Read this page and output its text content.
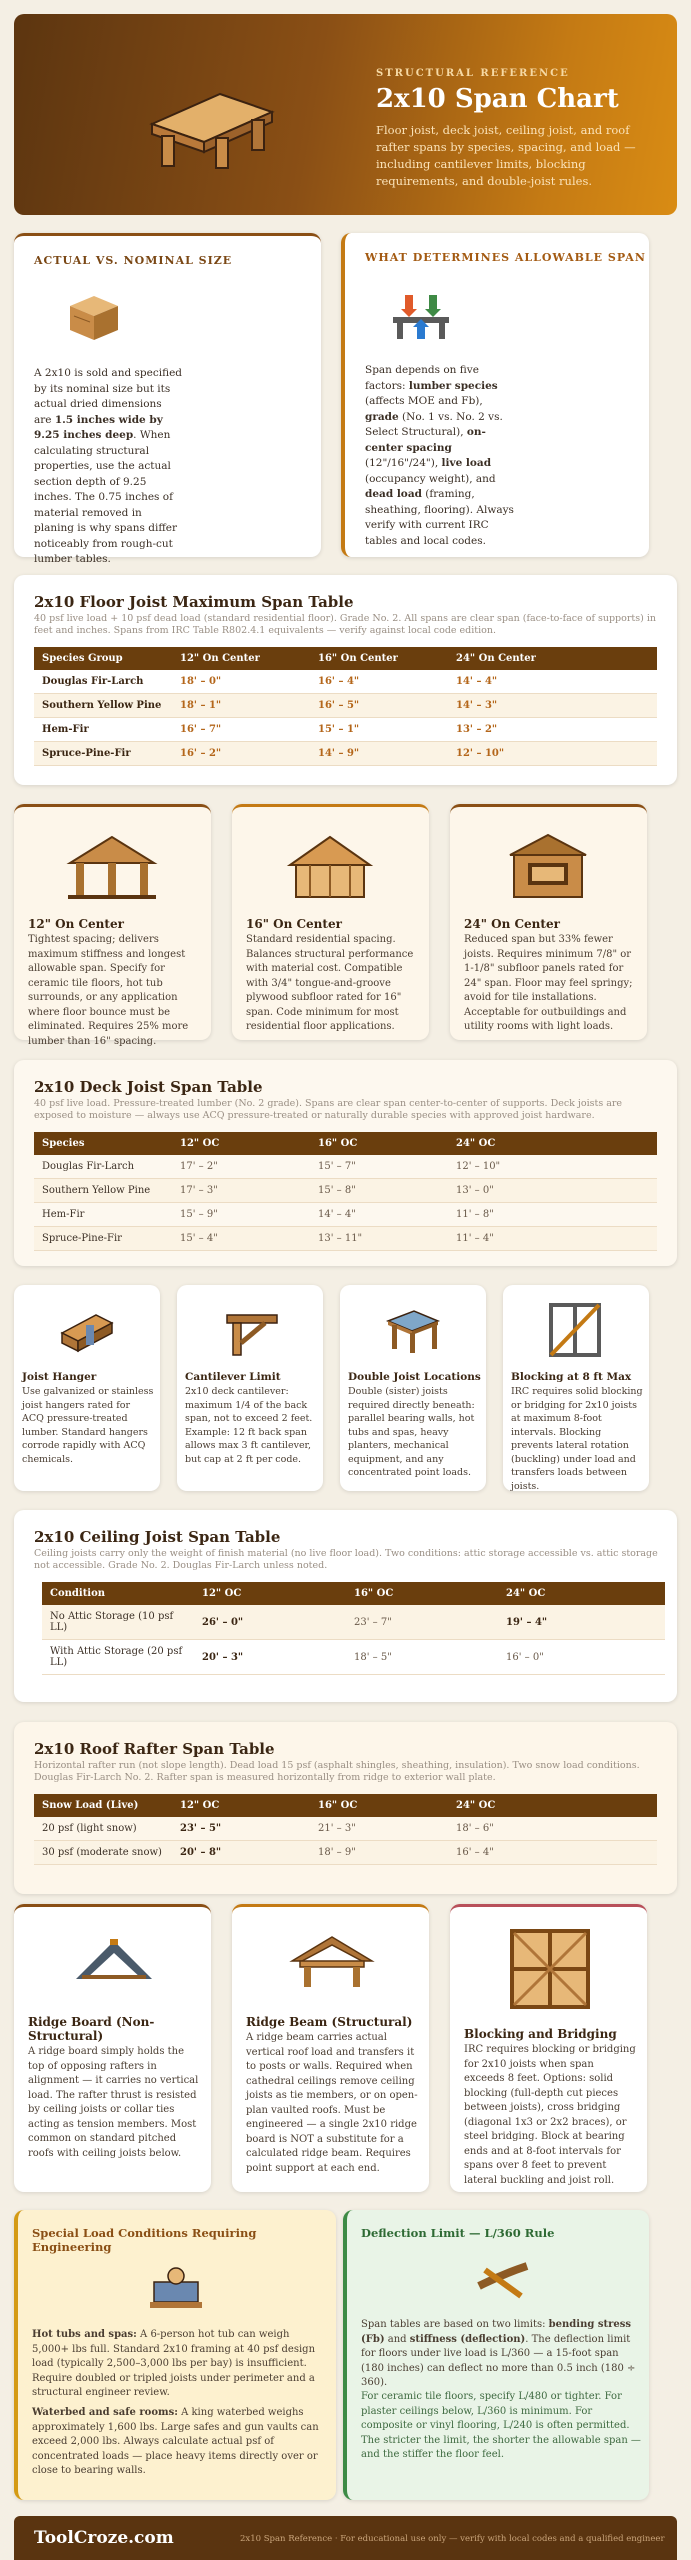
STRUCTURAL REFERENCE
2x10 Span Chart

Floor joist, deck joist, ceiling joist, and roof rafter spans by species, spacing, and load — including cantilever limits, blocking requirements, and double-joist rules.

ACTUAL VS. NOMINAL SIZE
A 2x10 is sold and specified by its nominal size but its actual dried dimensions are 1.5 inches wide by 9.25 inches deep. When calculating structural properties, use the actual section depth of 9.25 inches. The 0.75 inches of material removed in planing is why spans differ noticeably from rough-cut lumber tables.
WHAT DETERMINES ALLOWABLE SPAN
Span depends on five factors: lumber species (affects MOE and Fb), grade (No. 1 vs. No. 2 vs. Select Structural), on-center spacing (12"/16"/24"), live load (occupancy weight), and dead load (framing, sheathing, flooring). Always verify with current IRC tables and local codes.
2x10 Floor Joist Maximum Span Table
40 psf live load + 10 psf dead load (standard residential floor). Grade No. 2. All spans are clear span (face-to-face of supports) in feet and inches. Spans from IRC Table R802.4.1 equivalents — verify against local code edition.
Species Group	12" On Center	16" On Center	24" On Center
Douglas Fir-Larch	18' – 0"	16' – 4"	14' – 4"
Southern Yellow Pine	18' – 1"	16' – 5"	14' – 3"
Hem-Fir	16' – 7"	15' – 1"	13' – 2"
Spruce-Pine-Fir	16' – 2"	14' – 9"	12' – 10"
12" On Center
Tightest spacing; delivers maximum stiffness and longest allowable span. Specify for ceramic tile floors, hot tub surrounds, or any application where floor bounce must be eliminated. Requires 25% more lumber than 16" spacing.
16" On Center
Standard residential spacing. Balances structural performance with material cost. Compatible with 3/4" tongue-and-groove plywood subfloor rated for 16" span. Code minimum for most residential floor applications.
24" On Center
Reduced span but 33% fewer joists. Requires minimum 7/8" or 1-1/8" subfloor panels rated for 24" span. Floor may feel springy; avoid for tile installations. Acceptable for outbuildings and utility rooms with light loads.
2x10 Deck Joist Span Table
40 psf live load. Pressure-treated lumber (No. 2 grade). Spans are clear span center-to-center of supports. Deck joists are exposed to moisture — always use ACQ pressure-treated or naturally durable species with approved joist hardware.
Species	12" OC	16" OC	24" OC
Douglas Fir-Larch	17' – 2"	15' – 7"	12' – 10"
Southern Yellow Pine	17' – 3"	15' – 8"	13' – 0"
Hem-Fir	15' – 9"	14' – 4"	11' – 8"
Spruce-Pine-Fir	15' – 4"	13' – 11"	11' – 4"
Joist Hanger
Use galvanized or stainless joist hangers rated for ACQ pressure-treated lumber. Standard hangers corrode rapidly with ACQ chemicals.
Cantilever Limit
2x10 deck cantilever: maximum 1/4 of the back span, not to exceed 2 feet. Example: 12 ft back span allows max 3 ft cantilever, but cap at 2 ft per code.
Double Joist Locations
Double (sister) joists required directly beneath: parallel bearing walls, hot tubs and spas, heavy planters, mechanical equipment, and any concentrated point loads.
Blocking at 8 ft Max
IRC requires solid blocking or bridging for 2x10 joists at maximum 8-foot intervals. Blocking prevents lateral rotation (buckling) under load and transfers loads between joists.
2x10 Ceiling Joist Span Table
Ceiling joists carry only the weight of finish material (no live floor load). Two conditions: attic storage accessible vs. attic storage not accessible. Grade No. 2. Douglas Fir-Larch unless noted.
Condition	12" OC	16" OC	24" OC
No Attic Storage (10 psf LL)	26' – 0"	23' – 7"	19' – 4"
With Attic Storage (20 psf LL)	20' – 3"	18' – 5"	16' – 0"
2x10 Roof Rafter Span Table
Horizontal rafter run (not slope length). Dead load 15 psf (asphalt shingles, sheathing, insulation). Two snow load conditions. Douglas Fir-Larch No. 2. Rafter span is measured horizontally from ridge to exterior wall plate.
Snow Load (Live)	12" OC	16" OC	24" OC
20 psf (light snow)	23' – 5"	21' – 3"	18' – 6"
30 psf (moderate snow)	20' – 8"	18' – 9"	16' – 4"
Ridge Board (Non-Structural)
A ridge board simply holds the top of opposing rafters in alignment — it carries no vertical load. The rafter thrust is resisted by ceiling joists or collar ties acting as tension members. Most common on standard pitched roofs with ceiling joists below.
Ridge Beam (Structural)
A ridge beam carries actual vertical roof load and transfers it to posts or walls. Required when cathedral ceilings remove ceiling joists as tie members, or on open-plan vaulted roofs. Must be engineered — a single 2x10 ridge board is NOT a substitute for a calculated ridge beam. Requires point support at each end.
Blocking and Bridging
IRC requires blocking or bridging for 2x10 joists when span exceeds 8 feet. Options: solid blocking (full-depth cut pieces between joists), cross bridging (diagonal 1x3 or 2x2 braces), or steel bridging. Block at bearing ends and at 8-foot intervals for spans over 8 feet to prevent lateral buckling and joist roll.
Special Load Conditions Requiring Engineering
Hot tubs and spas: A 6-person hot tub can weigh 5,000+ lbs full. Standard 2x10 framing at 40 psf design load (typically 2,500–3,000 lbs per bay) is insufficient. Require doubled or tripled joists under perimeter and a structural engineer review.
Waterbed and safe rooms: A king waterbed weighs approximately 1,600 lbs. Large safes and gun vaults can exceed 2,000 lbs. Always calculate actual psf of concentrated loads — place heavy items directly over or close to bearing walls.
Deflection Limit — L/360 Rule
Span tables are based on two limits: bending stress (Fb) and stiffness (deflection). The deflection limit for floors under live load is L/360 — a 15-foot span (180 inches) can deflect no more than 0.5 inch (180 ÷ 360).
For ceramic tile floors, specify L/480 or tighter. For plaster ceilings below, L/360 is minimum. For composite or vinyl flooring, L/240 is often permitted. The stricter the limit, the shorter the allowable span — and the stiffer the floor feel.
ToolCroze.com	2x10 Span Reference · For educational use only — verify with local codes and a qualified engineer
